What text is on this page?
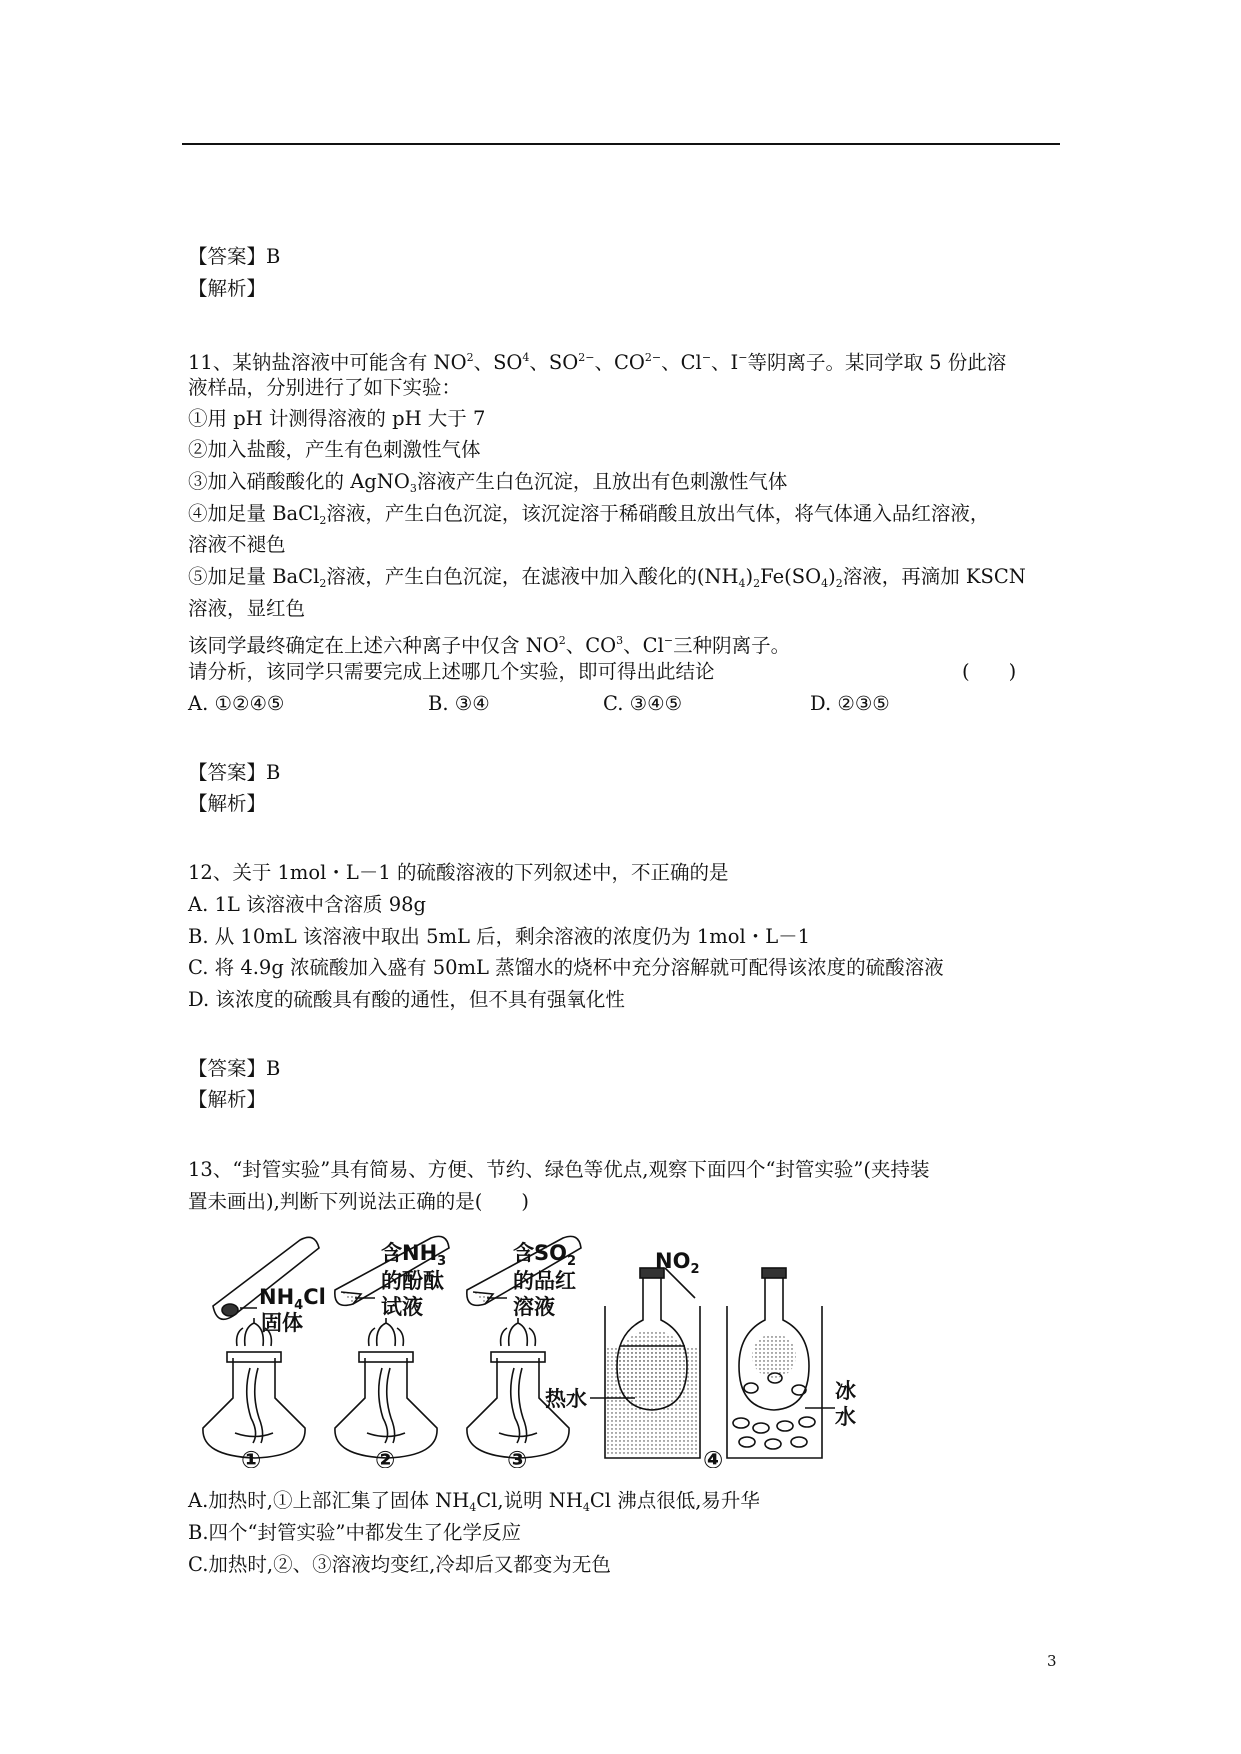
【答案】B
【解析】
11、某钠盐溶液中可能含有 $NO^2$、$SO^4$、$SO^{2-}$、$CO^{2-}$、Cl−、I−等阴离子。某同学取 5 份此溶
液样品，分别进行了如下实验：
①用 pH 计测得溶液的 pH 大于 7
②加入盐酸，产生有色刺激性气体
③加入硝酸酸化的 AgNO$_3$溶液产生白色沉淀，且放出有色刺激性气体
④加足量 BaCl$_2$溶液，产生白色沉淀，该沉淀溶于稀硝酸且放出气体，将气体通入品红溶液，
溶液不褪色
⑤加足量 BaCl$_2$溶液，产生白色沉淀，在滤液中加入酸化的$(NH_4)_2Fe(SO_4)_2$溶液，再滴加 KSCN
溶液，显红色
该同学最终确定在上述六种离子中仅含 $NO^2$、$CO^3$、Cl−三种阴离子。
请分析，该同学只需要完成上述哪几个实验，即可得出此结论	(　　)
A. ①②④⑤	B. ③④	C. ③④⑤	D. ②③⑤
【答案】B
【解析】
12、关于 1mol・L－1 的硫酸溶液的下列叙述中，不正确的是
A. 1L 该溶液中含溶质 98g
B. 从 10mL 该溶液中取出 5mL 后，剩余溶液的浓度仍为 1mol・L－1
C. 将 4.9g 浓硫酸加入盛有 50mL 蒸馏水的烧杯中充分溶解就可配得该浓度的硫酸溶液
D. 该浓度的硫酸具有酸的通性，但不具有强氧化性
【答案】B
【解析】
13、“封管实验”具有简易、方便、节约、绿色等优点,观察下面四个“封管实验”(夹持装
置未画出),判断下列说法正确的是(　　)
$NH_4Cl$
固体
含$NH_3$
的酚酞
试液
含$SO_2$
的品红
溶液
$NO_2$
热水	冰
水
①	②	③	④
A.加热时,①上部汇集了固体 $NH_4Cl$,说明 $NH_4Cl$ 沸点很低,易升华
B.四个“封管实验”中都发生了化学反应
C.加热时,②、③溶液均变红,冷却后又都变为无色
3
